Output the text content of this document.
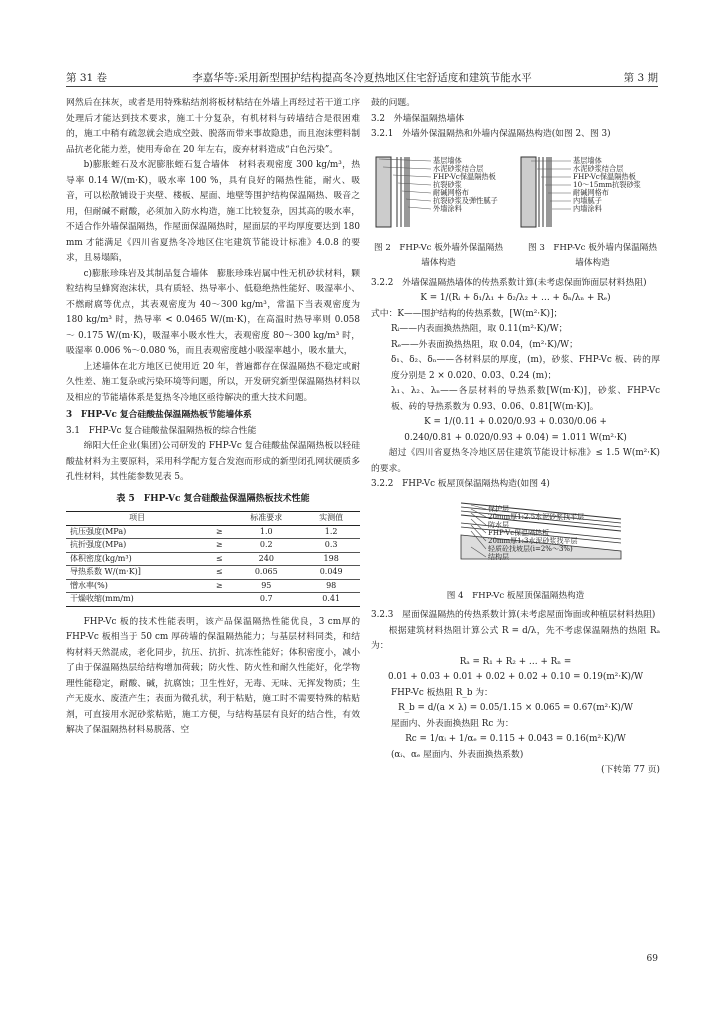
第 31 卷	李嘉华等:采用新型围护结构提高冬冷夏热地区住宅舒适度和建筑节能水平	第 3 期

网然后在抹灰，或者是用特殊粘结剂将板材粘结在外墙上再经过若干道工序处理后才能达到技术要求，施工十分复杂，有机材料与砖墙结合是很困难的，施工中稍有疏忽就会造成空鼓、脱落而带来事故隐患，而且泡沫塑料制品抗老化能力差，使用寿命在 20 年左右，废弃材料造成“白色污染”。

b)膨胀蛭石及水泥膨胀蛭石复合墙体　材料表观密度 300 kg/m³，热导率 0.14 W/(m·K)，吸水率 100 %，具有良好的隔热性能，耐火、吸音，可以松散铺设于夹壁、楼板、屋面、地壁等围护结构保温隔热、吸音之用，但耐碱不耐酸，必须加入防水构造，施工比较复杂，因其高的吸水率，不适合作外墙保温隔热，作屋面保温隔热时，屋面层的平均厚度要达到 180 mm 才能满足《四川省夏热冬冷地区住宅建筑节能设计标准》4.0.8 的要求，且易塌陷，

c)膨胀珍珠岩及其制品复合墙体　膨胀珍珠岩属中性无机砂状材料，颗粒结构呈蜂窝泡沫状，具有质轻、热导率小、低稳绝热性能好、吸湿率小、不燃耐腐等优点，其表观密度为 40～300 kg/m³，常温下当表观密度为 180 kg/m³ 时，热导率 < 0.0465 W/(m·K)，在高温时热导率则 0.058 ～ 0.175 W/(m·K)，吸湿率小吸水性大，表观密度 80～300 kg/m³ 时，吸湿率 0.006 %～0.080 %，而且表观密度越小吸湿率越小，吸水量大，

上述墙体在北方地区已使用近 20 年，普遍都存在保温隔热不稳定或耐久性差、施工复杂或污染环境等问题，所以，开发研究新型保温隔热材料以及相应的节能墙体系是复热冬冷地区亟待解决的重大技术问题。

3　FHP-Vc 复合硅酸盐保温隔热板节能墙体系

3.1　FHP-Vc 复合硅酸盐保温隔热板的综合性能

绵阳大任企业(集团)公司研发的 FHP-Vc 复合硅酸盐保温隔热板以轻硅酸盐材料为主要原料，采用科学配方复合发泡而形成的新型闭孔网状硬质多孔性材料，其性能参数见表 5。

表 5　FHP-Vc 复合硅酸盐保温隔热板技术性能
项目		标准要求	实测值
抗压强度(MPa)	≥	1.0	1.2
抗折强度(MPa)	≥	0.2	0.3
体积密度(kg/m³)	≤	240	198
导热系数 W/(m·K)]	≤	0.065	0.049
憎水率(%)	≥	95	98
干燥收缩(mm/m)		0.7	0.41

FHP-Vc 板的技术性能表明，该产品保温隔热性能优良，3 cm厚的 FHP-Vc 板相当于 50 cm 厚砖墙的保温隔热能力；与基层材料同类，和结构材料天然混成，老化同步，抗压、抗折、抗冻性能好；体积密度小，减小了由于保温隔热层给结构增加荷载；防火性、防火性和耐久性能好，化学物理性能稳定，耐酸、碱，抗腐蚀；卫生性好，无毒、无味、无挥发物质；生产无废水、废渣产生；表面为微孔状，利于粘贴，施工时不需要特殊的粘贴剂，可直接用水泥砂浆粘贴，施工方便，与结构基层有良好的结合性，有效解决了保温隔热材料易脱落、空

鼓的问题。

3.2　外墙保温隔热墙体

3.2.1　外墙外保温隔热和外墙内保温隔热构造(如图 2、图 3)

基层墙体
水泥砂浆结合层
FHP-Vc保温隔热板
抗裂砂浆
耐碱网格布
抗裂砂浆及弹性腻子
外墙涂料
基层墙体
水泥砂浆结合层
FHP-Vc保温隔热板
10～15mm抗裂砂浆
耐碱网格布
内墙腻子
内墙涂料
图 2　FHP-Vc 板外墙外保温隔热墙体构造
图 3　FHP-Vc 板外墙内保温隔热墙体构造

3.2.2　外墙保温隔热墙体的传热系数计算(未考虑保面饰面层材料热阻)

K = 1/(Rᵢ + δ₁/λ₁ + δ₂/λ₂ + … + δₙ/λₙ + Rₑ)

式中：K——围护结构的传热系数，[W(m²·K)]；

Rᵢ——内表面换热热阻，取 0.11(m²·K)/W；

Rₑ——外表面换热热阻，取 0.04，(m²·K)/W；

δ₁、δ₂、δₙ——各材料层的厚度，(m)，砂浆、FHP-Vc 板、砖的厚度分别是 2 × 0.020、0.03、0.24 (m)；

λ₁、λ₂、λₙ——各层材料的导热系数[W(m·K)]，砂浆、FHP-Vc 板、砖的导热系数为 0.93、0.06、0.81[W(m·K)]。

K = 1/(0.11 + 0.020/0.93 + 0.030/0.06 +

0.240/0.81 + 0.020/0.93 + 0.04) = 1.011 W(m²·K)

超过《四川省夏热冬冷地区居住建筑节能设计标准》≤ 1.5 W(m²·K)的要求。

3.2.2　FHP-Vc 板屋顶保温隔热构造(如图 4)

保护层
20mm厚1:2.5水泥砂浆找平层
防水层
FHP-Vc保温隔热板
20mm厚1:3水泥砂浆找平层
轻质砼找坡层(i=2%～3%)
结构层
图 4　FHP-Vc 板屋顶保温隔热构造

3.2.3　屋面保温隔热的传热系数计算(未考虑屋面饰面或种植层材料热阻)

根据建筑材料热阻计算公式 R = d/λ，先不考虑保温隔热的热阻 Rₐ 为：

Rₐ = R₁ + R₂ + … + Rₙ =

0.01 + 0.03 + 0.01 + 0.02 + 0.02 + 0.10 = 0.19(m²·K)/W

FHP-Vc 板热阻 R_b 为：

R_b = d/(a × λ) = 0.05/1.15 × 0.065 = 0.67(m²·K)/W

屋面内、外表面换热阻 Rc 为：

Rc = 1/αᵢ + 1/αₑ = 0.115 + 0.043 = 0.16(m²·K)/W

(αᵢ、αₑ 屋面内、外表面换热系数)

(下转第 77 页)

69
